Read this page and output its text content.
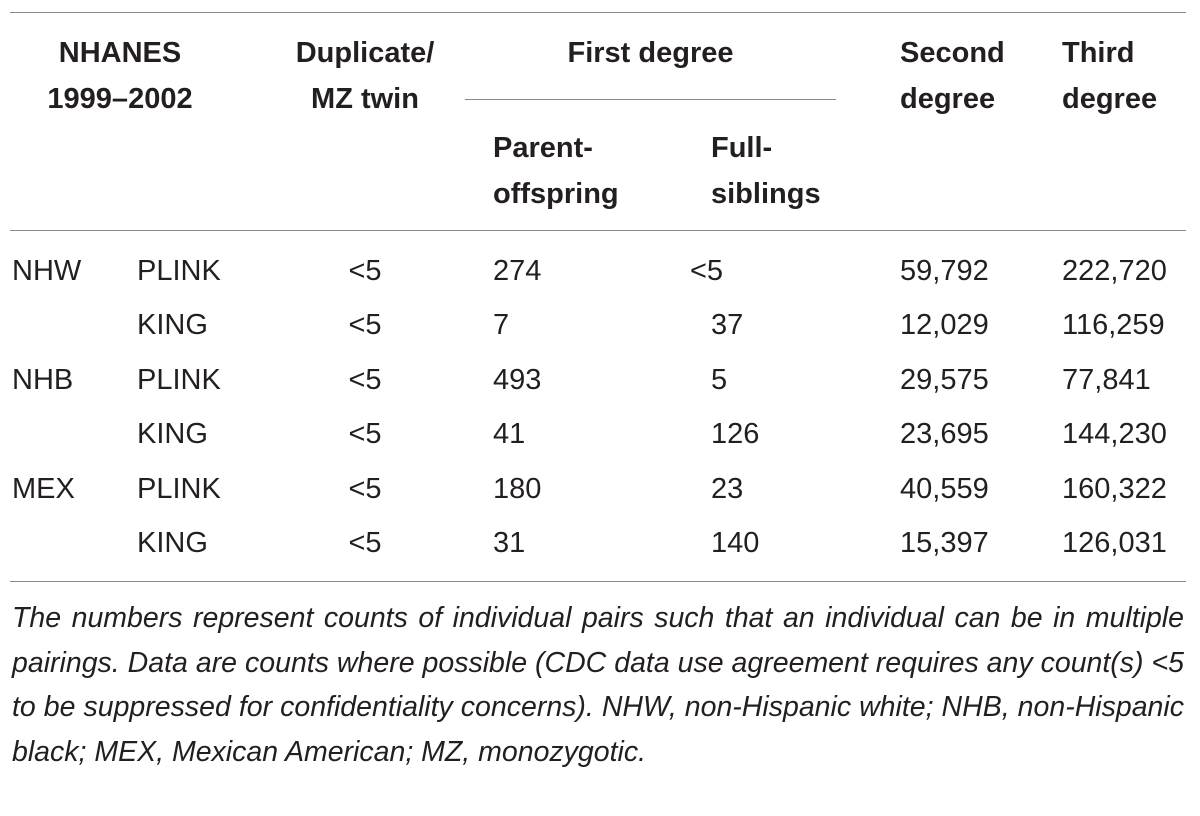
NHANES
1999–2002
Duplicate/
MZ twin
First degree
Parent-
offspring
Full-
siblings
Second
degree
Third
degree
NHW PLINK	<5	274	<5	59,792	222,720
KING	<5	7	37	12,029	116,259
NHB PLINK	<5	493	5	29,575	77,841
KING	<5	41	126	23,695	144,230
MEX PLINK	<5	180	23	40,559	160,322
KING	<5	31	140	15,397	126,031
The numbers represent counts of individual pairs such that an individual can be in multiple pairings. Data are counts where possible (CDC data use agreement requires any count(s) <5 to be suppressed for confidentiality concerns). NHW, non-Hispanic white; NHB, non-Hispanic black; MEX, Mexican American; MZ, monozygotic.
